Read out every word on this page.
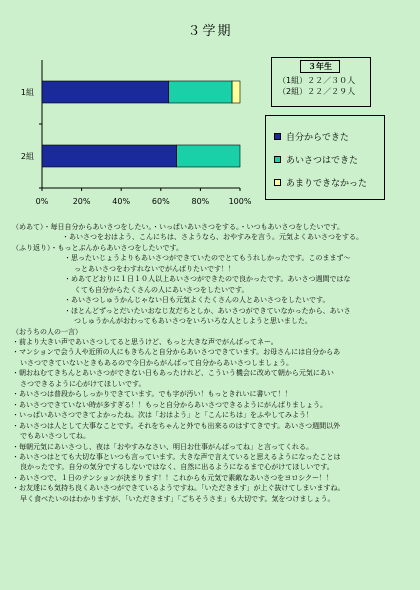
３学期
0%	20%	40%	60%	80% 100%
1組
2組
３年生
（1組）２２／３０人
（2組）２２／２９人
自分からできた
あいさつはできた
あまりできなかった

（めあて）・毎日自分からあいさつをしたい。・いっぱいあいさつをする。・いつもあいさつをしたいです。

・あいさつをおはよう、こんにちは、さようなら、おやすみを言う。元気よくあいさつをする。

（ふり返り）・もっとぶんからあいさつをしたいです。

・思ったいじょうよりもあいさつができていたのでとてもうれしかったです。このままず～

っとあいさつをわすれないでがんばりたいです！！

・めあてどおりに１日１０人以上あいさつができたので良かったです。あいさつ週間ではな

くても自分からたくさんの人にあいさつをしたいです。

・あいさつしゅうかんじゃない日も元気よくたくさんの人とあいさつをしたいです。

・ほとんどずっとだいたいおなじ友だちとしか、あいさつができていなかったから、あいさ

つしゅうかんがおわってもあいさつをいろいろな人としようと思いました。

（おうちの人の一言）

・前より大きい声であいさつしてると思うけど、もっと大きな声でがんばってネー。

・マンションで会う人や近所の人にもきちんと自分からあいさつできています。お母さんには自分からあ

いさつできていないときもあるので今日からがんばって自分からあいさつしましょう。

・朝おねむてきちんとあいさつができない日もあったけれど、こういう機会に改めて朝から元気にあい

さつできるように心がけてほしいです。

・あいさつは普段からしっかりできています。でも字が汚い！もっときれいに書いて！！

・あいさつできていない時が多すぎる！！もっと自分からあいさつできるようにがんばりましょう。

・いっぱいあいさつできてよかったね。次は「おはよう」と「こんにちは」をふやしてみよう！

・あいさつは人として大事なことです。それをちゃんと外でも出来るのはすてきです。あいさつ週間以外

でもあいさつしてね。

・毎朝元気にあいさつし、夜は「おやすみなさい、明日お仕事がんばってね」と言ってくれる。

・あいさつはとても大切な事といつも言っています。大きな声で言えていると思えるようになったことは

良かったです。自分の気分でするしないではなく、自然に出るようになるまで心がけてほしいです。

・あいさつで、１日のテンションが決まります！！これからも元気で素敵なあいさつをヨロシクー！！

・お友達にも気持ち良くあいさつができているようですね。「いただきます」が上ぐ抜けてしまいますね。

早く食べたいのはわかりますが、「いただきます」「ごちそうさま」も大切です。気をつけましょう。
